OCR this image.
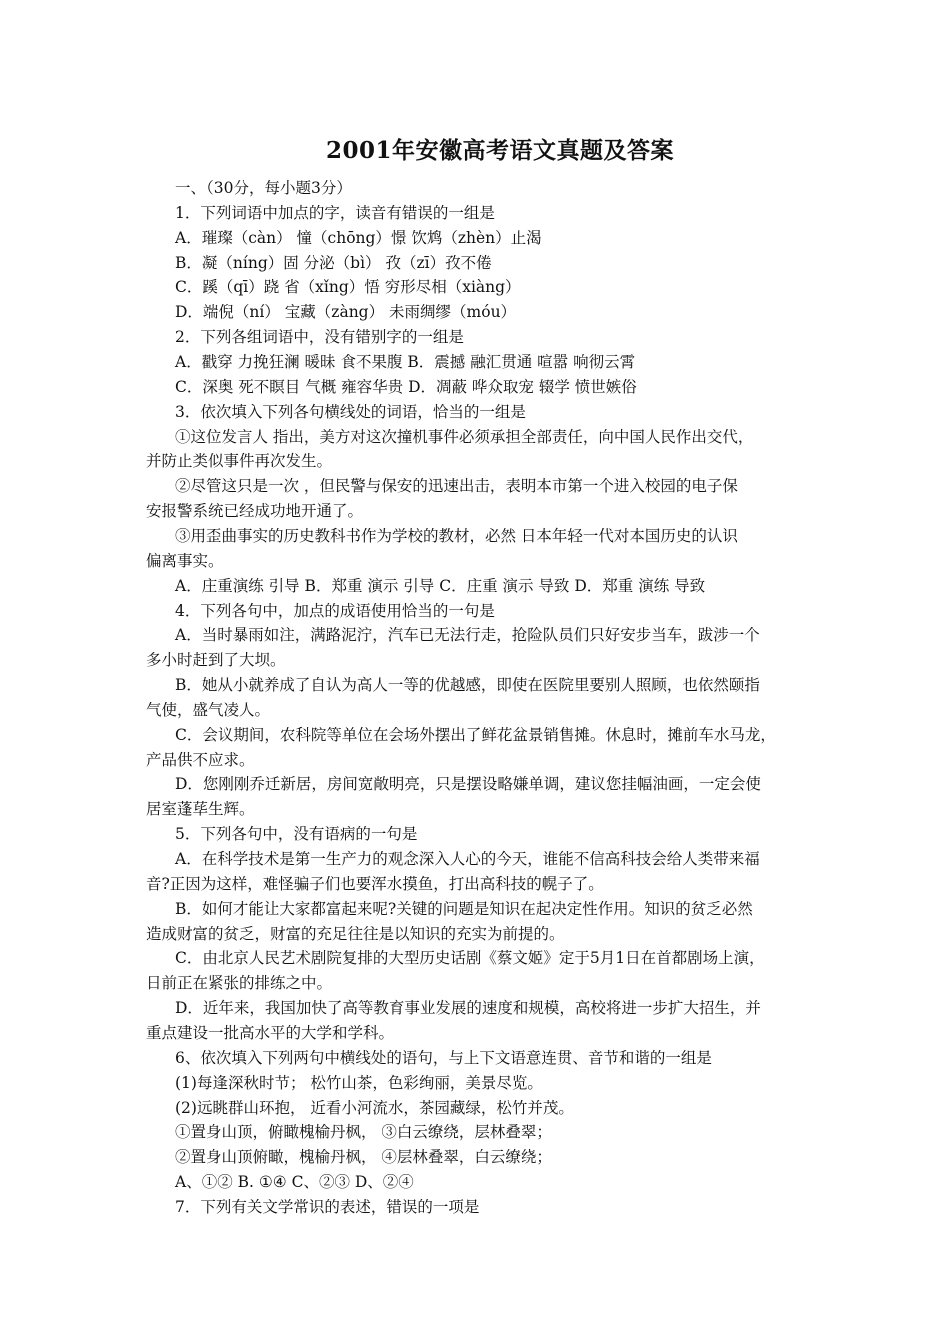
2001年安徽高考语文真题及答案

一、（30分，每小题3分）

1．下列词语中加点的字，读音有错误的一组是

A．璀璨（càn） 憧（chōng）憬 饮鸩（zhèn）止渴

B．凝（níng）固 分泌（bì） 孜（zī）孜不倦

C．蹊（qī）跷 省（xǐng）悟 穷形尽相（xiàng）

D．端倪（ní） 宝藏（zàng） 未雨绸缪（móu）

2．下列各组词语中，没有错别字的一组是

A．戳穿 力挽狂澜 暖昧 食不果腹 B．震撼 融汇贯通 喧嚣 响彻云霄

C．深奥 死不瞑目 气概 雍容华贵 D．凋蔽 哗众取宠 辍学 愤世嫉俗

3．依次填入下列各句横线处的词语，恰当的一组是

①这位发言人 指出，美方对这次撞机事件必须承担全部责任，向中国人民作出交代，

并防止类似事件再次发生。

②尽管这只是一次 ，但民警与保安的迅速出击，表明本市第一个进入校园的电子保

安报警系统已经成功地开通了。

③用歪曲事实的历史教科书作为学校的教材，必然 日本年轻一代对本国历史的认识

偏离事实。

A．庄重演练 引导 B．郑重 演示 引导 C．庄重 演示 导致 D．郑重 演练 导致

4．下列各句中，加点的成语使用恰当的一句是

A．当时暴雨如注，满路泥泞，汽车已无法行走，抢险队员们只好安步当车，跋涉一个

多小时赶到了大坝。

B．她从小就养成了自认为高人一等的优越感，即使在医院里要别人照顾，也依然颐指

气使，盛气凌人。

C．会议期间，农科院等单位在会场外摆出了鲜花盆景销售摊。休息时，摊前车水马龙，

产品供不应求。

D．您刚刚乔迁新居，房间宽敞明亮，只是摆设略嫌单调，建议您挂幅油画，一定会使

居室蓬荜生辉。

5．下列各句中，没有语病的一句是

A．在科学技术是第一生产力的观念深入人心的今天，谁能不信高科技会给人类带来福

音?正因为这样，难怪骗子们也要浑水摸鱼，打出高科技的幌子了。

B．如何才能让大家都富起来呢?关键的问题是知识在起决定性作用。知识的贫乏必然

造成财富的贫乏，财富的充足往往是以知识的充实为前提的。

C．由北京人民艺术剧院复排的大型历史话剧《蔡文姬》定于5月1日在首都剧场上演，

日前正在紧张的排练之中。

D．近年来，我国加快了高等教育事业发展的速度和规模，高校将进一步扩大招生，并

重点建设一批高水平的大学和学科。

6、依次填入下列两句中横线处的语句，与上下文语意连贯、音节和谐的一组是

(1)每逢深秋时节； 松竹山茶，色彩绚丽，美景尽览。

(2)远眺群山环抱， 近看小河流水，茶园藏绿，松竹并茂。

①置身山顶，俯瞰槐榆丹枫， ③白云缭绕，层林叠翠；

②置身山顶俯瞰，槐榆丹枫， ④层林叠翠，白云缭绕；

A、①② B. ①④ C、②③ D、②④

7．下列有关文学常识的表述，错误的一项是
